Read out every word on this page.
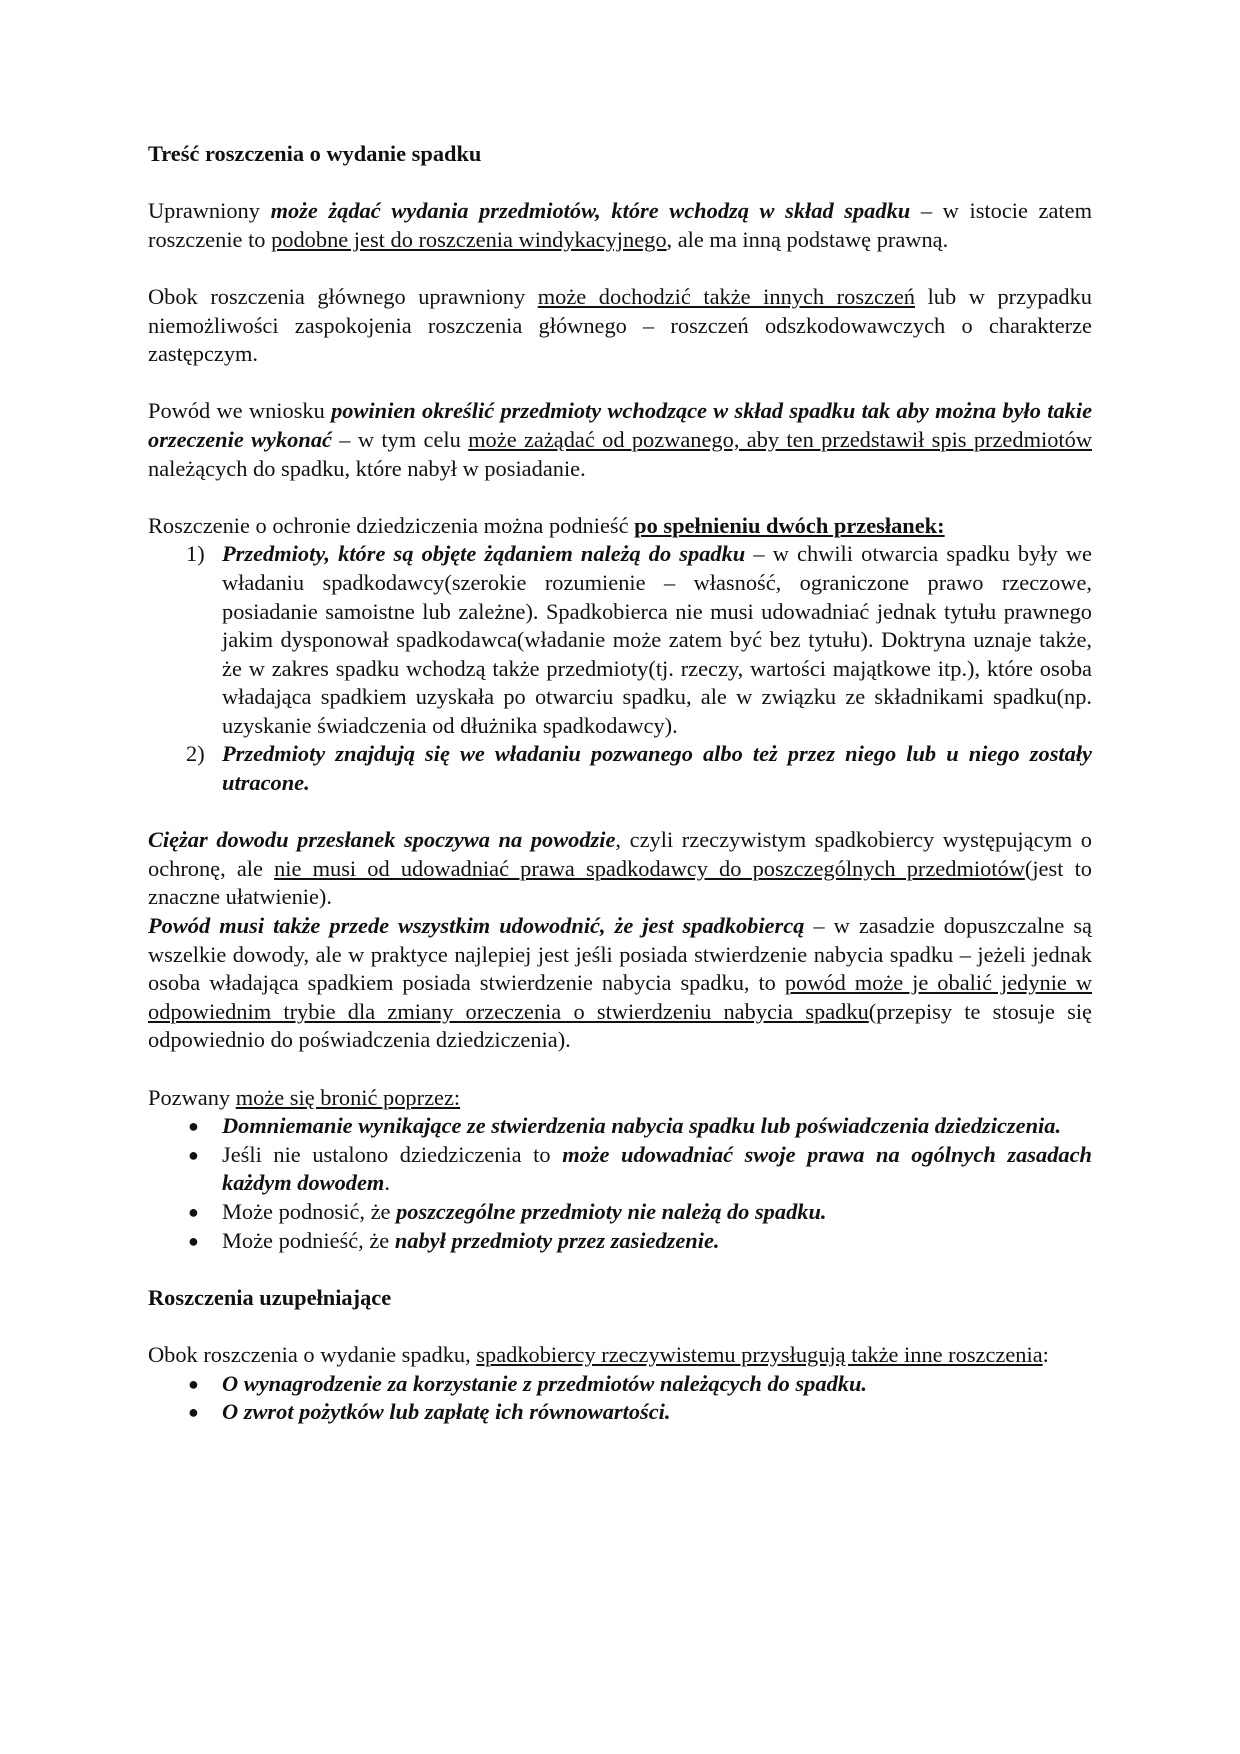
Treść roszczenia o wydanie spadku

Uprawniony może żądać wydania przedmiotów, które wchodzą w skład spadku – w istocie zatem roszczenie to podobne jest do roszczenia windykacyjnego, ale ma inną podstawę prawną.

Obok roszczenia głównego uprawniony może dochodzić także innych roszczeń lub w przypadku niemożliwości zaspokojenia roszczenia głównego – roszczeń odszkodowawczych o charakterze zastępczym.

Powód we wniosku powinien określić przedmioty wchodzące w skład spadku tak aby można było takie orzeczenie wykonać – w tym celu może zażądać od pozwanego, aby ten przedstawił spis przedmiotów należących do spadku, które nabył w posiadanie.

Roszczenie o ochronie dziedziczenia można podnieść po spełnieniu dwóch przesłanek:

1) Przedmioty, które są objęte żądaniem należą do spadku – w chwili otwarcia spadku były we władaniu spadkodawcy(szerokie rozumienie – własność, ograniczone prawo rzeczowe, posiadanie samoistne lub zależne). Spadkobierca nie musi udowadniać jednak tytułu prawnego jakim dysponował spadkodawca(władanie może zatem być bez tytułu). Doktryna uznaje także, że w zakres spadku wchodzą także przedmioty(tj. rzeczy, wartości majątkowe itp.), które osoba władająca spadkiem uzyskała po otwarciu spadku, ale w związku ze składnikami spadku(np. uzyskanie świadczenia od dłużnika spadkodawcy).
2) Przedmioty znajdują się we władaniu pozwanego albo też przez niego lub u niego zostały utracone.

Ciężar dowodu przesłanek spoczywa na powodzie, czyli rzeczywistym spadkobiercy występującym o ochronę, ale nie musi od udowadniać prawa spadkodawcy do poszczególnych przedmiotów(jest to znaczne ułatwienie).

Powód musi także przede wszystkim udowodnić, że jest spadkobiercą – w zasadzie dopuszczalne są wszelkie dowody, ale w praktyce najlepiej jest jeśli posiada stwierdzenie nabycia spadku – jeżeli jednak osoba władająca spadkiem posiada stwierdzenie nabycia spadku, to powód może je obalić jedynie w odpowiednim trybie dla zmiany orzeczenia o stwierdzeniu nabycia spadku(przepisy te stosuje się odpowiednio do poświadczenia dziedziczenia).

Pozwany może się bronić poprzez:

● Domniemanie wynikające ze stwierdzenia nabycia spadku lub poświadczenia dziedziczenia.
● Jeśli nie ustalono dziedziczenia to może udowadniać swoje prawa na ogólnych zasadach każdym dowodem.
● Może podnosić, że poszczególne przedmioty nie należą do spadku.
● Może podnieść, że nabył przedmioty przez zasiedzenie.
Roszczenia uzupełniające

Obok roszczenia o wydanie spadku, spadkobiercy rzeczywistemu przysługują także inne roszczenia:

● O wynagrodzenie za korzystanie z przedmiotów należących do spadku.
● O zwrot pożytków lub zapłatę ich równowartości.
